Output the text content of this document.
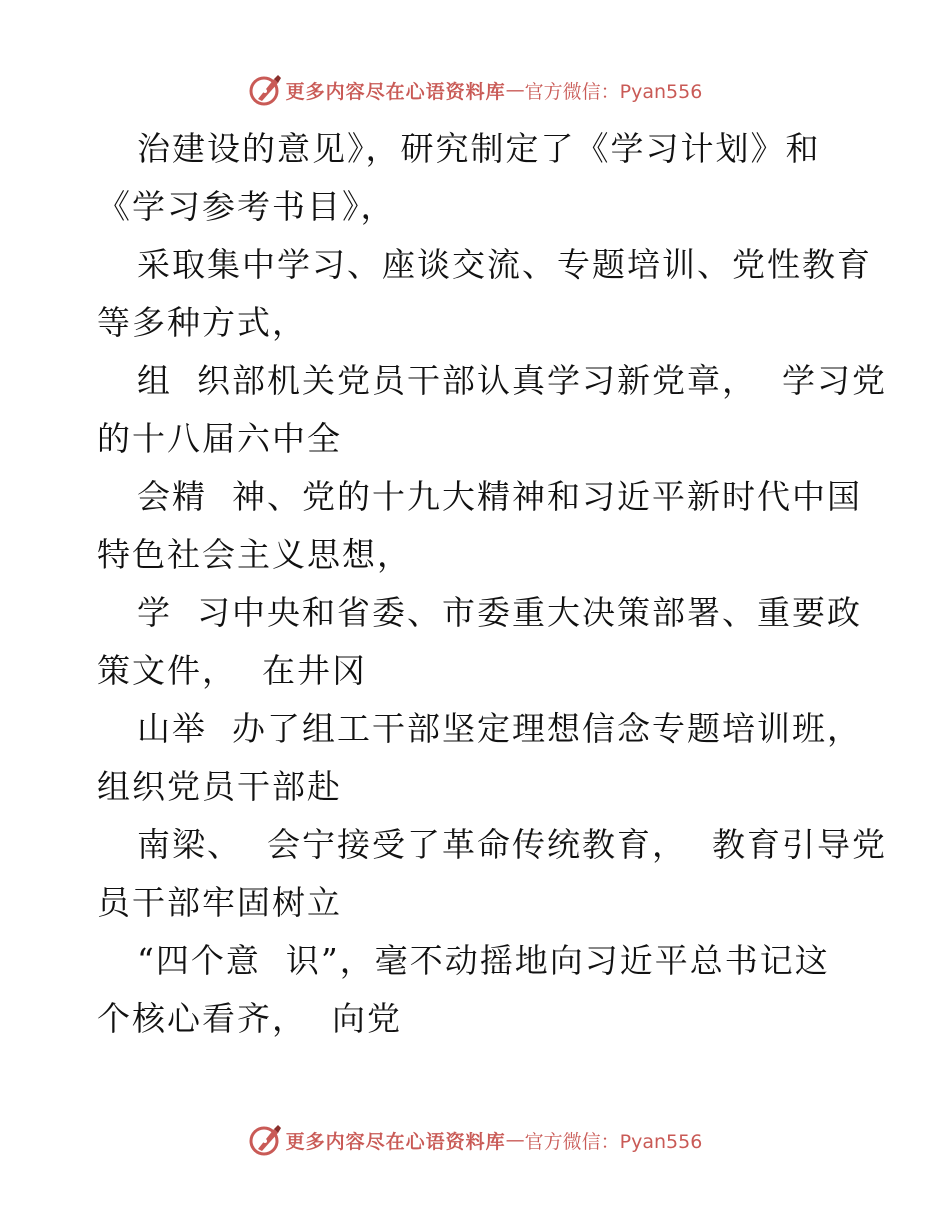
更多内容尽在心语资料库 — 官方微信：Pyan556
治建设的意见》，研究制定了《学习计划》和
《学习参考书目》，
采取集中学习、座谈交流、专题培训、党性教育
等多种方式，
组  织部机关党员干部认真学习新党章，  学习党
的十八届六中全
会精  神、党的十九大精神和习近平新时代中国
特色社会主义思想，
学  习中央和省委、市委重大决策部署、重要政
策文件，  在井冈
山举  办了组工干部坚定理想信念专题培训班，
组织党员干部赴
南梁、  会宁接受了革命传统教育，  教育引导党
员干部牢固树立
“四个意  识”，毫不动摇地向习近平总书记这
个核心看齐，  向党
更多内容尽在心语资料库 — 官方微信：Pyan556
